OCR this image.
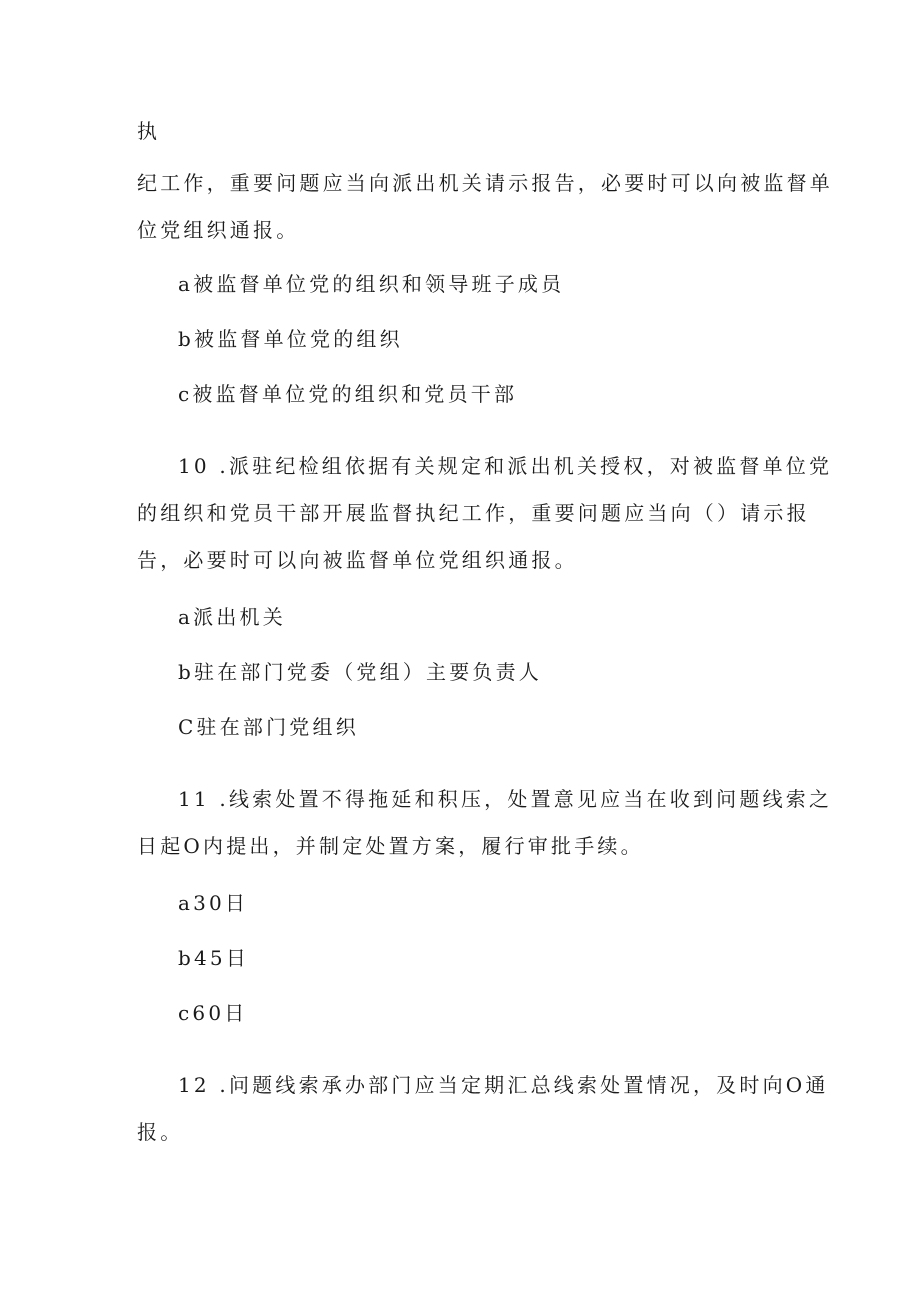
执
纪工作，重要问题应当向派出机关请示报告，必要时可以向被监督单
位党组织通报。
a被监督单位党的组织和领导班子成员
b被监督单位党的组织
c被监督单位党的组织和党员干部
10 .派驻纪检组依据有关规定和派出机关授权，对被监督单位党
的组织和党员干部开展监督执纪工作，重要问题应当向（）请示报
告，必要时可以向被监督单位党组织通报。
a派出机关
b驻在部门党委（党组）主要负责人
C驻在部门党组织
11 .线索处置不得拖延和积压，处置意见应当在收到问题线索之
日起O内提出，并制定处置方案，履行审批手续。
a30日
b45日
c60日
12 .问题线索承办部门应当定期汇总线索处置情况，及时向O通
报。
